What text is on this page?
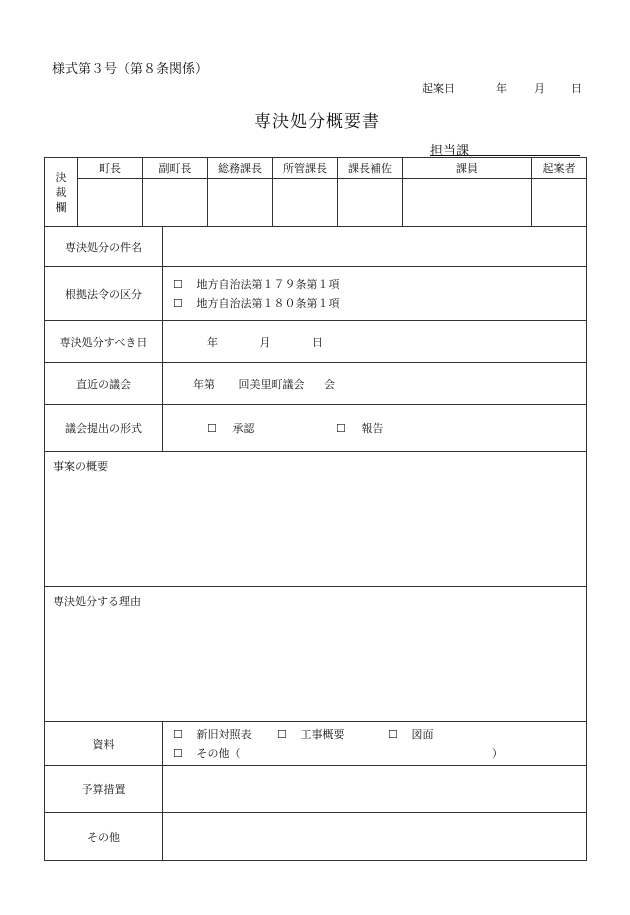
様式第３号（第８条関係）
起案日	年 月 日
専決処分概要書
担当課
決
裁
欄	町長	副町長	総務課長	所管課長	課長補佐	課員	起案者

専決処分の件名	
根拠法令の区分	☐ 地方自治法第１７９条第１項
☐ 地方自治法第１８０条第１項

専決処分すべき日	年 月 日
直近の議会	年第 回美里町議会 会
議会提出の形式	☐ 承認 ☐ 報告
事案の概要	
専決処分する理由	
資料	☐ 新旧対照表 ☐ 工事概要 ☐ 図面
☐ その他（ ）

予算措置	
その他	
